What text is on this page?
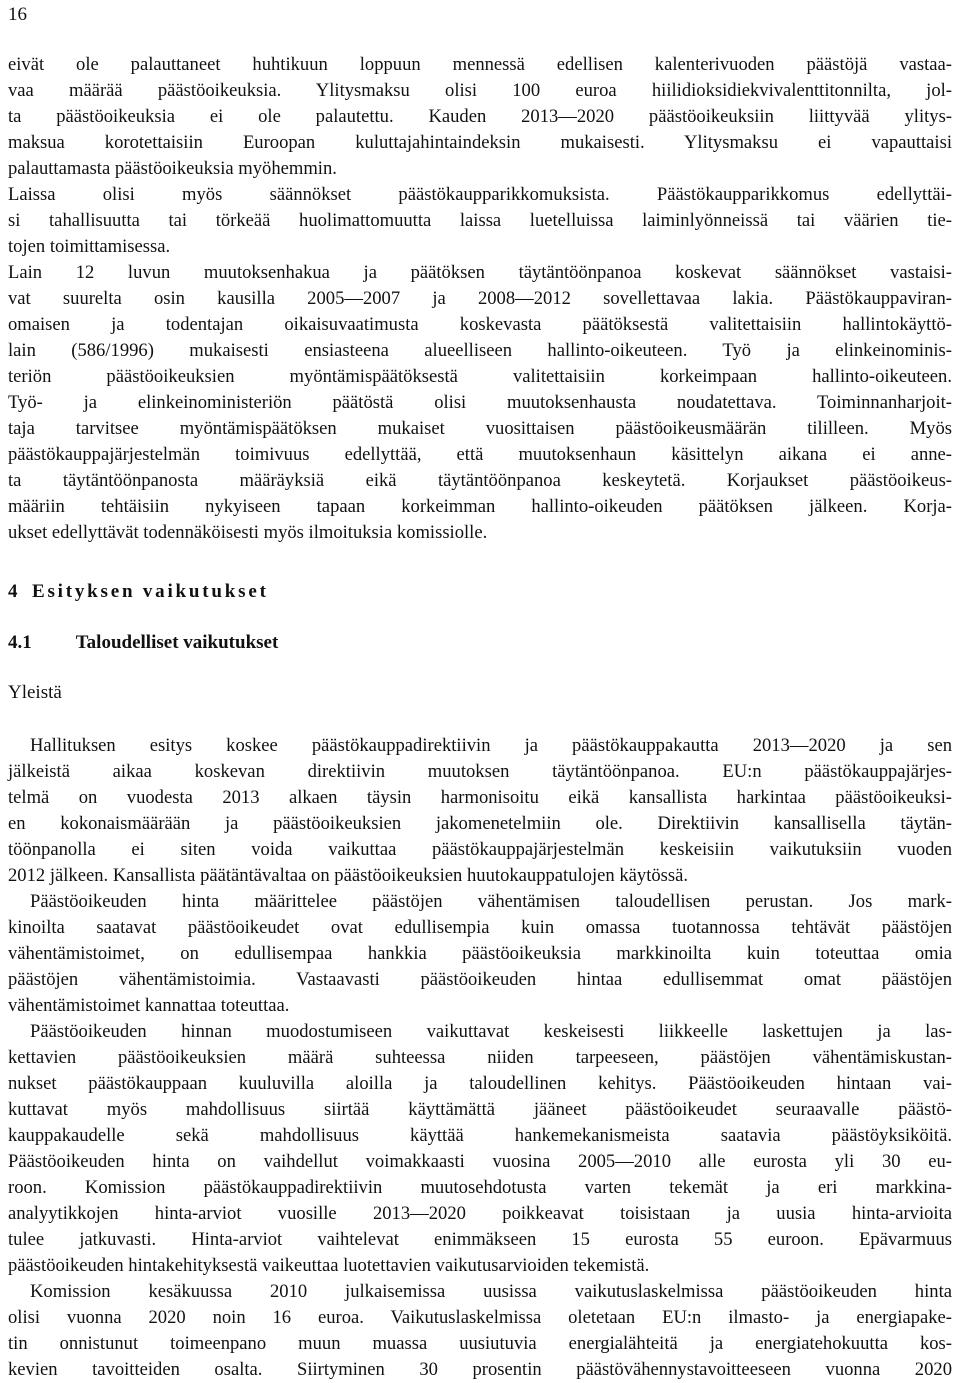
16
4 Esityksen vaikutukset
4.1 Taloudelliset vaikutukset
Yleistä
eivät ole palauttaneet huhtikuun loppuun mennessä edellisen kalenterivuoden päästöjä vastaa-
vaa määrää päästöoikeuksia. Ylitysmaksu olisi 100 euroa hiilidioksidiekvivalenttitonnilta, jol-
ta päästöoikeuksia ei ole palautettu. Kauden 2013—2020 päästöoikeuksiin liittyvää ylitys-
maksua korotettaisiin Euroopan kuluttajahintaindeksin mukaisesti. Ylitysmaksu ei vapauttaisi
palauttamasta päästöoikeuksia myöhemmin.
Laissa olisi myös säännökset päästökaupparikkomuksista. Päästökaupparikkomus edellyttäi-
si tahallisuutta tai törkeää huolimattomuutta laissa luetelluissa laiminlyönneissä tai väärien tie-
tojen toimittamisessa.
Lain 12 luvun muutoksenhakua ja päätöksen täytäntöönpanoa koskevat säännökset vastaisi-
vat suurelta osin kausilla 2005—2007 ja 2008—2012 sovellettavaa lakia. Päästökauppaviran-
omaisen ja todentajan oikaisuvaatimusta koskevasta päätöksestä valitettaisiin hallintokäyttö-
lain (586/1996) mukaisesti ensiasteena alueelliseen hallinto-oikeuteen. Työ ja elinkeinominis-
teriön päästöoikeuksien myöntämispäätöksestä valitettaisiin korkeimpaan hallinto-oikeuteen.
Työ- ja elinkeinoministeriön päätöstä olisi muutoksenhausta noudatettava. Toiminnanharjoit-
taja tarvitsee myöntämispäätöksen mukaiset vuosittaisen päästöoikeusmäärän tililleen. Myös
päästökauppajärjestelmän toimivuus edellyttää, että muutoksenhaun käsittelyn aikana ei anne-
ta täytäntöönpanosta määräyksiä eikä täytäntöönpanoa keskeytetä. Korjaukset päästöoikeus-
määriin tehtäisiin nykyiseen tapaan korkeimman hallinto-oikeuden päätöksen jälkeen. Korja-
ukset edellyttävät todennäköisesti myös ilmoituksia komissiolle.
Hallituksen esitys koskee päästökauppadirektiivin ja päästökauppakautta 2013—2020 ja sen
jälkeistä aikaa koskevan direktiivin muutoksen täytäntöönpanoa. EU:n päästökauppajärjes-
telmä on vuodesta 2013 alkaen täysin harmonisoitu eikä kansallista harkintaa päästöoikeuksi-
en kokonaismäärään ja päästöoikeuksien jakomenetelmiin ole. Direktiivin kansallisella täytän-
töönpanolla ei siten voida vaikuttaa päästökauppajärjestelmän keskeisiin vaikutuksiin vuoden
2012 jälkeen. Kansallista päätäntävaltaa on päästöoikeuksien huutokauppatulojen käytössä.
Päästöoikeuden hinta määrittelee päästöjen vähentämisen taloudellisen perustan. Jos mark-
kinoilta saatavat päästöoikeudet ovat edullisempia kuin omassa tuotannossa tehtävät päästöjen
vähentämistoimet, on edullisempaa hankkia päästöoikeuksia markkinoilta kuin toteuttaa omia
päästöjen vähentämistoimia. Vastaavasti päästöoikeuden hintaa edullisemmat omat päästöjen
vähentämistoimet kannattaa toteuttaa.
Päästöoikeuden hinnan muodostumiseen vaikuttavat keskeisesti liikkeelle laskettujen ja las-
kettavien päästöoikeuksien määrä suhteessa niiden tarpeeseen, päästöjen vähentämiskustan-
nukset päästökauppaan kuuluvilla aloilla ja taloudellinen kehitys. Päästöoikeuden hintaan vai-
kuttavat myös mahdollisuus siirtää käyttämättä jääneet päästöoikeudet seuraavalle päästö-
kauppakaudelle sekä mahdollisuus käyttää hankemekanismeista saatavia päästöyksiköitä.
Päästöoikeuden hinta on vaihdellut voimakkaasti vuosina 2005—2010 alle eurosta yli 30 eu-
roon. Komission päästökauppadirektiivin muutosehdotusta varten tekemät ja eri markkina-
analyytikkojen hinta-arviot vuosille 2013—2020 poikkeavat toisistaan ja uusia hinta-arvioita
tulee jatkuvasti. Hinta-arviot vaihtelevat enimmäkseen 15 eurosta 55 euroon. Epävarmuus
päästöoikeuden hintakehityksestä vaikeuttaa luotettavien vaikutusarvioiden tekemistä.
Komission kesäkuussa 2010 julkaisemissa uusissa vaikutuslaskelmissa päästöoikeuden hinta
olisi vuonna 2020 noin 16 euroa. Vaikutuslaskelmissa oletetaan EU:n ilmasto- ja energiapake-
tin onnistunut toimeenpano muun muassa uusiutuvia energialähteitä ja energiatehokuutta kos-
kevien tavoitteiden osalta. Siirtyminen 30 prosentin päästövähennystavoitteeseen vuonna 2020
